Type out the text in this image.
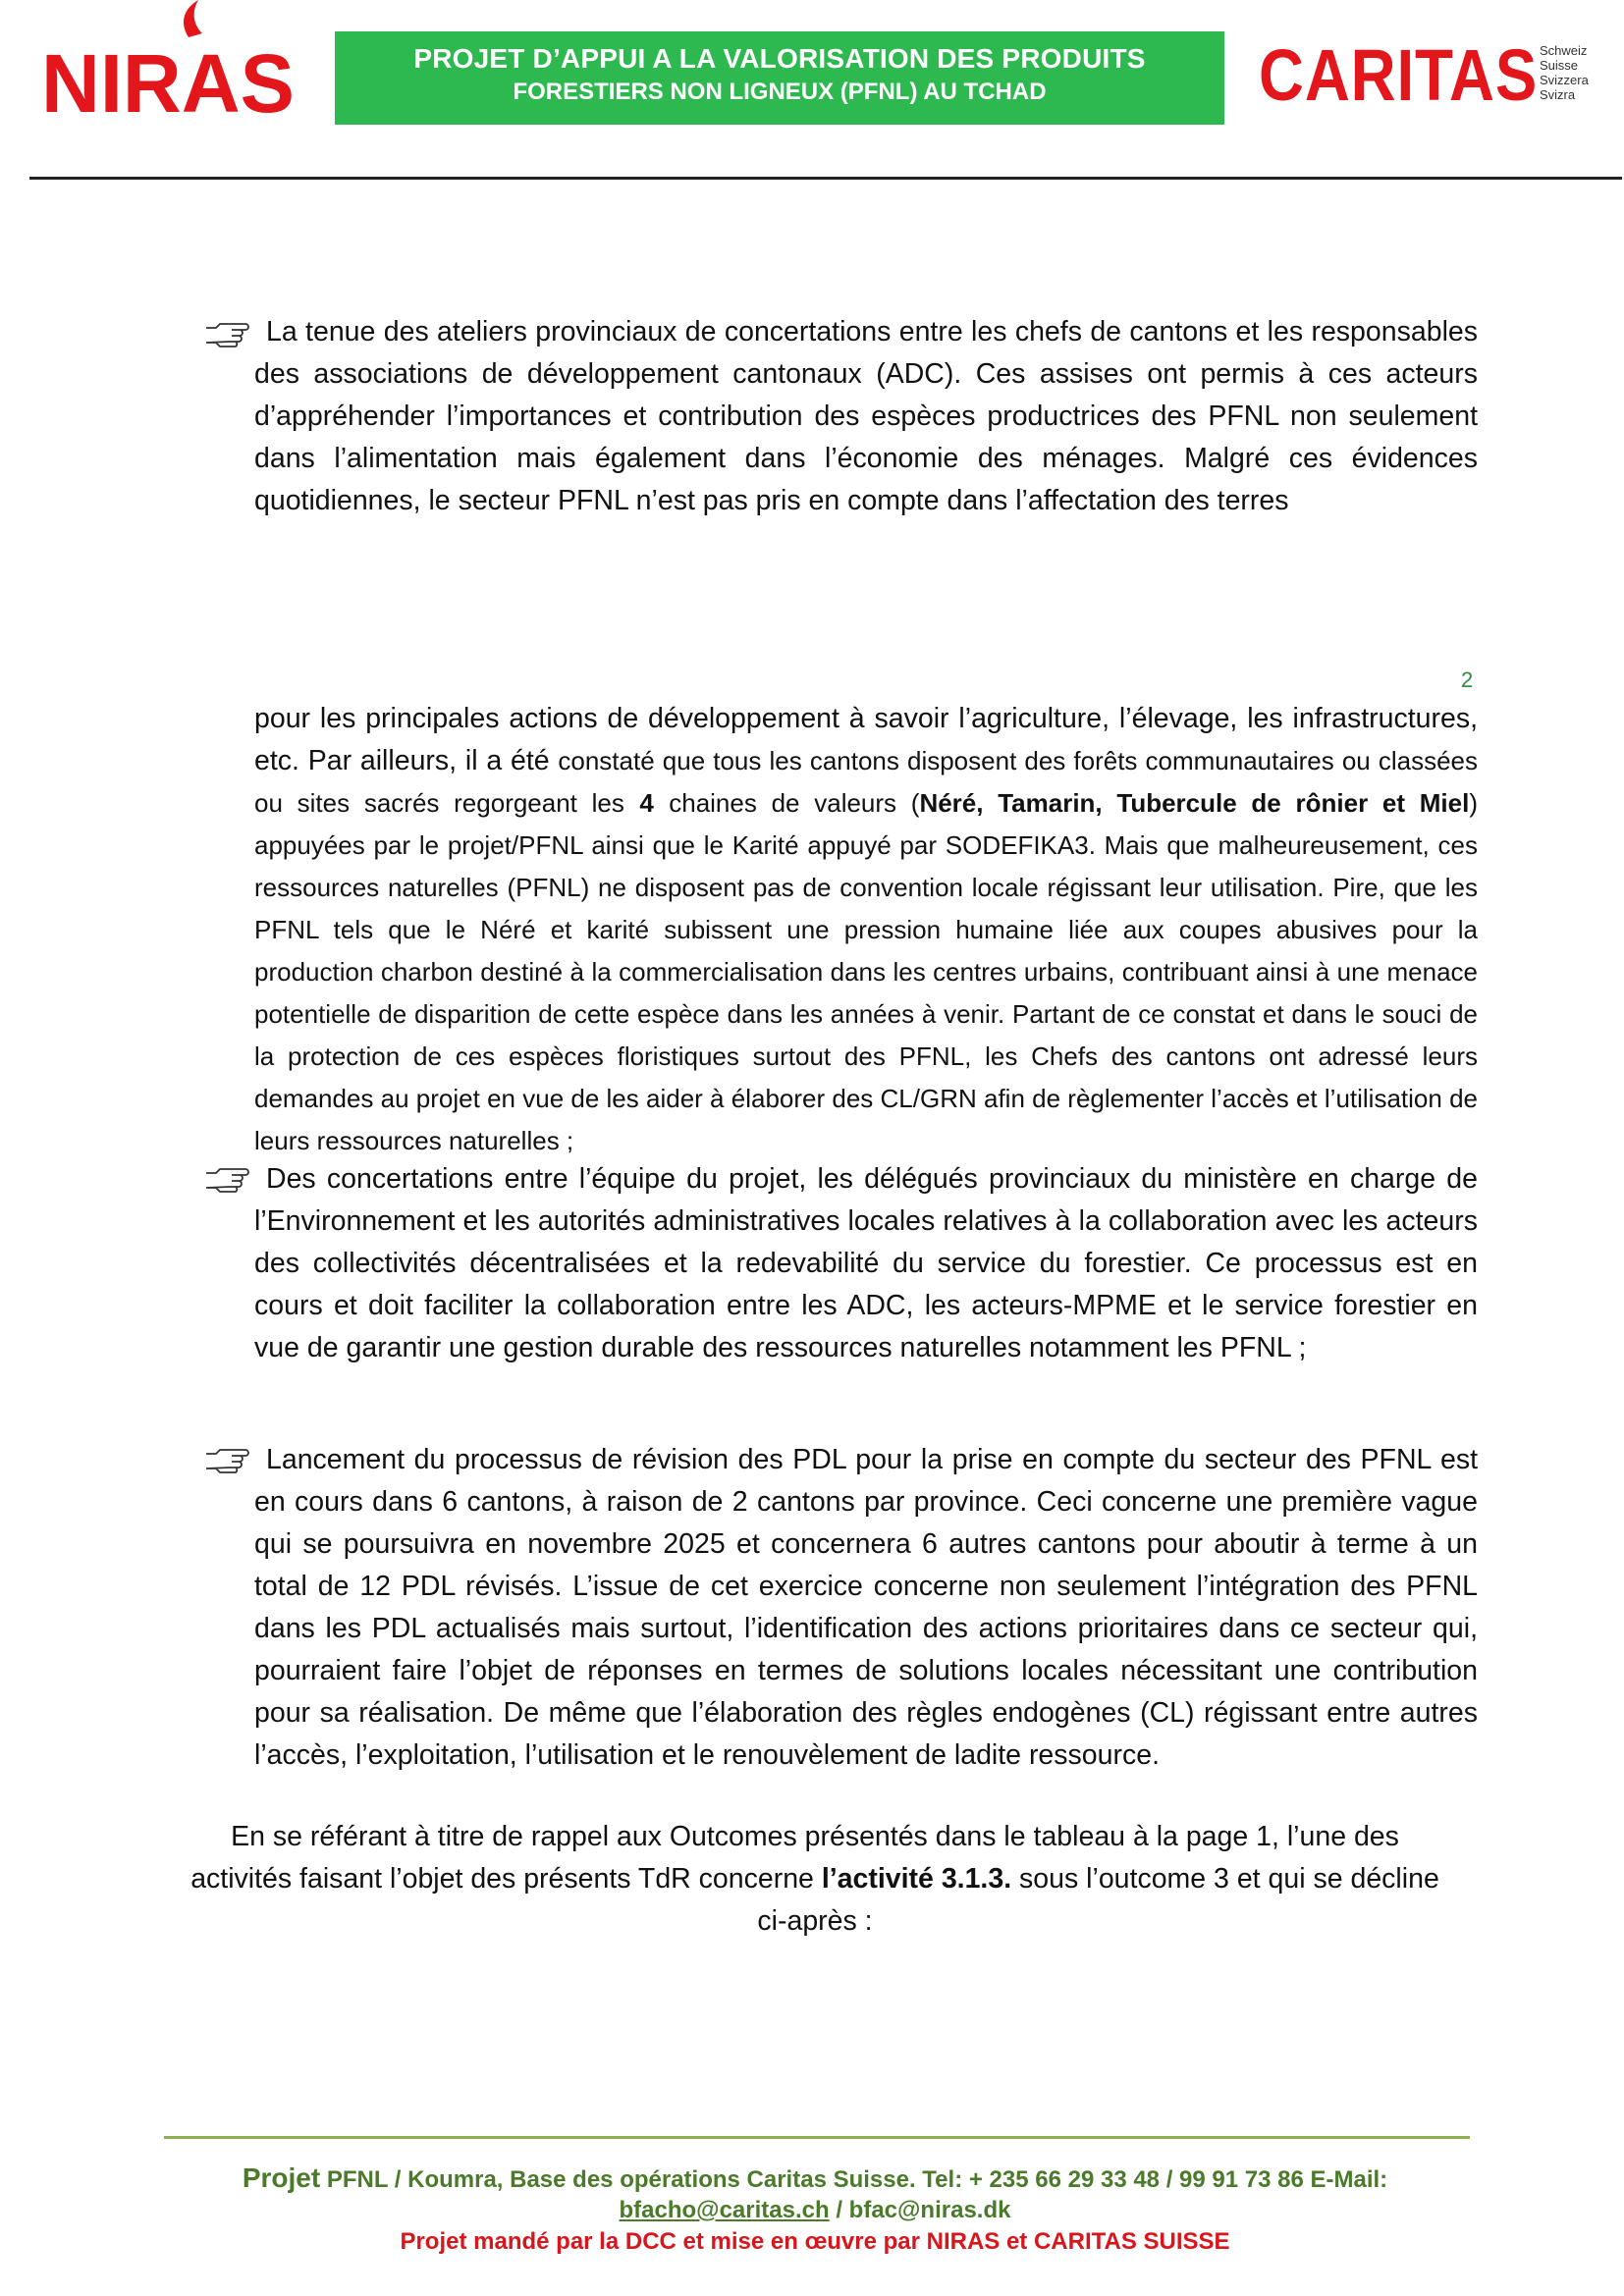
NIRAS	PROJET D’APPUI A LA VALORISATION DES PRODUITS
FORESTIERS NON LIGNEUX (PFNL) AU TCHAD	CARITAS Schweiz
Suisse
Svizzera
Svizra
La tenue des ateliers provinciaux de concertations entre les chefs de cantons et les responsables des associations de développement cantonaux (ADC). Ces assises ont permis à ces acteurs d’appréhender l’importances et contribution des espèces productrices des PFNL non seulement dans l’alimentation mais également dans l’économie des ménages. Malgré ces évidences quotidiennes, le secteur PFNL n’est pas pris en compte dans l’affectation des terres
2
pour les principales actions de développement à savoir l’agriculture, l’élevage, les infrastructures, etc. Par ailleurs, il a été constaté que tous les cantons disposent des forêts communautaires ou classées ou sites sacrés regorgeant les 4 chaines de valeurs (Néré, Tamarin, Tubercule de rônier et Miel) appuyées par le projet/PFNL ainsi que le Karité appuyé par SODEFIKA3. Mais que malheureusement, ces ressources naturelles (PFNL) ne disposent pas de convention locale régissant leur utilisation. Pire, que les PFNL tels que le Néré et karité subissent une pression humaine liée aux coupes abusives pour la production charbon destiné à la commercialisation dans les centres urbains, contribuant ainsi à une menace potentielle de disparition de cette espèce dans les années à venir. Partant de ce constat et dans le souci de la protection de ces espèces floristiques surtout des PFNL, les Chefs des cantons ont adressé leurs demandes au projet en vue de les aider à élaborer des CL/GRN afin de règlementer l’accès et l’utilisation de leurs ressources naturelles ;
Des concertations entre l’équipe du projet, les délégués provinciaux du ministère en charge de l’Environnement et les autorités administratives locales relatives à la collaboration avec les acteurs des collectivités décentralisées et la redevabilité du service du forestier. Ce processus est en cours et doit faciliter la collaboration entre les ADC, les acteurs-MPME et le service forestier en vue de garantir une gestion durable des ressources naturelles notamment les PFNL ;
Lancement du processus de révision des PDL pour la prise en compte du secteur des PFNL est en cours dans 6 cantons, à raison de 2 cantons par province. Ceci concerne une première vague qui se poursuivra en novembre 2025 et concernera 6 autres cantons pour aboutir à terme à un total de 12 PDL révisés. L’issue de cet exercice concerne non seulement l’intégration des PFNL dans les PDL actualisés mais surtout, l’identification des actions prioritaires dans ce secteur qui, pourraient faire l’objet de réponses en termes de solutions locales nécessitant une contribution pour sa réalisation. De même que l’élaboration des règles endogènes (CL) régissant entre autres l’accès, l’exploitation, l’utilisation et le renouvèlement de ladite ressource.
En se référant à titre de rappel aux Outcomes présentés dans le tableau à la page 1, l’une des activités faisant l’objet des présents TdR concerne l’activité 3.1.3. sous l’outcome 3 et qui se décline ci-après :
Projet PFNL / Koumra, Base des opérations Caritas Suisse. Tel: + 235 66 29 33 48 / 99 91 73 86 E-Mail:
bfacho@caritas.ch / bfac@niras.dk
Projet mandé par la DCC et mise en œuvre par NIRAS et CARITAS SUISSE
